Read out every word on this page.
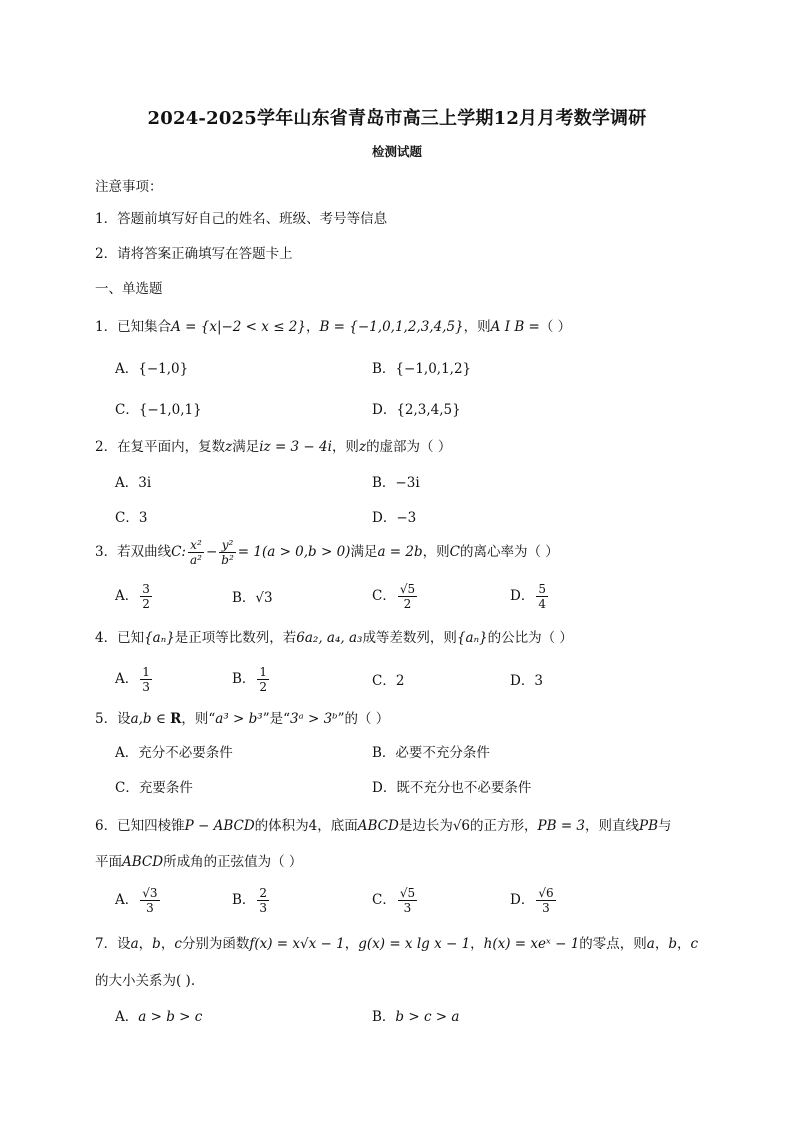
2024-2025学年山东省青岛市高三上学期12月月考数学调研
检测试题
注意事项：
1．答题前填写好自己的姓名、班级、考号等信息
2．请将答案正确填写在答题卡上
一、单选题
1．已知集合A = {x|−2 < x ≤ 2}，B = {−1,0,1,2,3,4,5}，则A I B =（ ）
A．{−1,0}	B．{−1,0,1,2}
C．{−1,0,1}	D．{2,3,4,5}
2．在复平面内，复数z满足iz = 3 − 4i，则z的虚部为（ ）
A．3i	B．−3i
C．3	D．−3
3．若双曲线C: $\frac{\text{x²}}{\text{a²}} - \frac{\text{y²}}{\text{b²}} = 1(a > 0,b > 0)$满足a = 2b，则C的离心率为（ ）
A． $\frac{3}{2}$	B．√3	C． $\frac{√5}{2}$	D． $\frac{5}{4}$
4．已知{aₙ}是正项等比数列，若6a₂, a₄, a₃成等差数列，则{aₙ}的公比为（ ）
A． $\frac{1}{3}$	B． $\frac{1}{2}$	C．2	D．3
5．设a,b ∈ R，则“a³ > b³”是“3ᵃ > 3ᵇ”的（ ）
A．充分不必要条件	B．必要不充分条件
C．充要条件	D．既不充分也不必要条件
6．已知四棱锥P − ABCD的体积为4，底面ABCD是边长为√6的正方形，PB = 3，则直线PB与
平面ABCD所成角的正弦值为（ ）
A． $\frac{√3}{3}$	B． $\frac{2}{3}$	C． $\frac{√5}{3}$	D． $\frac{√6}{3}$
7．设a，b，c分别为函数f(x) = x√x − 1，g(x) = x lg x − 1，h(x) = xeˣ − 1的零点，则a，b，c
的大小关系为( ).
A．a > b > c	B．b > c > a
